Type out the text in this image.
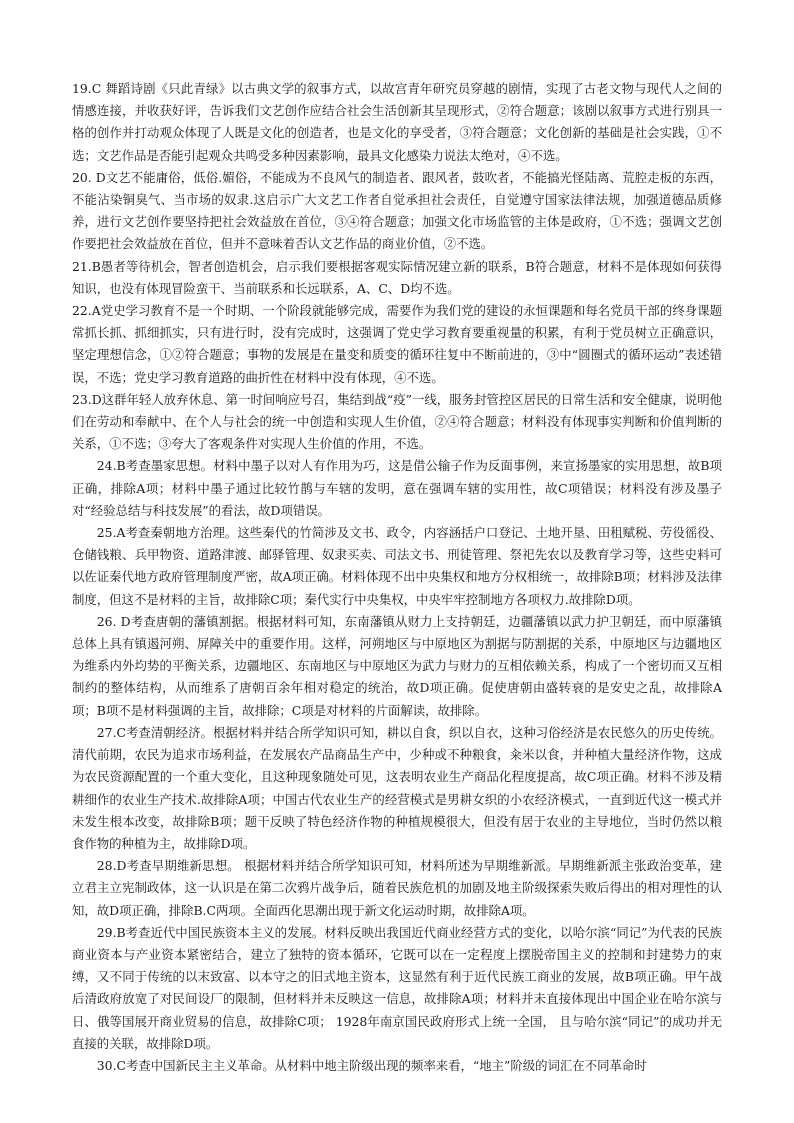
19.C 舞蹈诗剧《只此青绿》以古典文学的叙事方式，以故宫青年研究员穿越的剧情，实现了古老文物与现代人之间的情感连接，并收获好评，告诉我们文艺创作应结合社会生活创新其呈现形式，②符合题意；该剧以叙事方式进行别具一格的创作并打动观众体现了人既是文化的创造者，也是文化的享受者，③符合题意；文化创新的基础是社会实践，①不选；文艺作品是否能引起观众共鸣受多种因素影响，最具文化感染力说法太绝对，④不选。

20. D文艺不能庸俗，低俗.媚俗，不能成为不良风气的制造者、跟风者，鼓吹者，不能搞光怪陆离、荒腔走板的东西，不能沾染铜臭气、当市场的奴隶.这启示广大文艺工作者自觉承担社会责任，自觉遵守国家法律法规，加强道德品质修养，进行文艺创作要坚持把社会效益放在首位，③④符合题意；加强文化市场监管的主体是政府，①不选；强调文艺创作要把社会效益放在首位，但并不意味着否认文艺作品的商业价值，②不选。

21.B愚者等待机会，智者创造机会，启示我们要根据客观实际情况建立新的联系，B符合题意，材料不是体现如何获得知识，也没有体现冒险蛮干、当前联系和长远联系，A、C、D均不选。

22.A党史学习教育不是一个时期、一个阶段就能够完成，需要作为我们党的建设的永恒课题和每名党员干部的终身课题常抓长抓、抓细抓实，只有进行时，没有完成时，这强调了党史学习教育要重视量的积累，有利于党员树立正确意识，坚定理想信念，①②符合题意；事物的发展是在量变和质变的循环往复中不断前进的，③中“圆圈式的循环运动”表述错误，不选；党史学习教育道路的曲折性在材料中没有体现，④不选。

23.D这群年轻人放弃休息、第一时间响应号召，集结到战“疫”一线，服务封管控区居民的日常生活和安全健康，说明他们在劳动和奉献中、在个人与社会的统一中创造和实现人生价值，②④符合题意；材料没有体现事实判断和价值判断的关系，①不选；③夸大了客观条件对实现人生价值的作用，不选。

24.B考查墨家思想。材料中墨子以对人有作用为巧，这是借公输子作为反面事例，来宣扬墨家的实用思想，故B项正确，排除A项；材料中墨子通过比较竹鹊与车辖的发明，意在强调车辖的实用性，故C项错误；材料没有涉及墨子对“经验总结与科技发展”的看法，故D项错误。

25.A考查秦朝地方治理。这些秦代的竹简涉及文书、政令，内容涵括户口登记、土地开垦、田租赋税、劳役徭役、仓储钱粮、兵甲物资、道路津渡、邮驿管理、奴隶买卖、司法文书、刑徒管理、祭祀先农以及教育学习等，这些史料可以佐证秦代地方政府管理制度严密，故A项正确。材料体现不出中央集权和地方分权相统一，故排除B项；材料涉及法律制度，但这不是材料的主旨，故排除C项；秦代实行中央集权，中央牢牢控制地方各项权力.故排除D项。

26. D考查唐朝的藩镇割据。根据材料可知，东南藩镇从财力上支持朝廷，边疆藩镇以武力护卫朝廷，而中原藩镇总体上具有镇遏河朔、屏障关中的重要作用。这样，河朔地区与中原地区为割据与防割据的关系，中原地区与边疆地区为维系内外均势的平衡关系，边疆地区、东南地区与中原地区为武力与财力的互相依赖关系，构成了一个密切而又互相制约的整体结构，从而维系了唐朝百余年相对稳定的统治，故D项正确。促使唐朝由盛转衰的是安史之乱，故排除A项；B项不是材料强调的主旨，故排除；C项是对材料的片面解读，故排除。

27.C考查清朝经济。根据材料并结合所学知识可知，耕以自食，织以自衣，这种习俗经济是农民悠久的历史传统。清代前期，农民为追求市场利益，在发展农产品商品生产中，少种或不种粮食，籴米以食，并种植大量经济作物，这成为农民资源配置的一个重大变化，且这种现象随处可见，这表明农业生产商品化程度提高，故C项正确。材料不涉及精耕细作的农业生产技术.故排除A项；中国古代农业生产的经营模式是男耕女织的小农经济模式，一直到近代这一模式并未发生根本改变，故排除B项；题干反映了特色经济作物的种植规模很大，但没有居于农业的主导地位，当时仍然以粮食作物的种植为主，故排除D项。

28.D考查早期维新思想。 根据材料并结合所学知识可知，材料所述为早期维新派。早期维新派主张政治变革，建立君主立宪制政体，这一认识是在第二次鸦片战争后，随着民族危机的加剧及地主阶级探索失败后得出的相对理性的认知，故D项正确，排除B.C两项。全面西化思潮出现于新文化运动时期，故排除A项。

29.B考查近代中国民族资本主义的发展。材料反映出我国近代商业经营方式的变化，以哈尔滨“同记”为代表的民族商业资本与产业资本紧密结合，建立了独特的资本循环，它既可以在一定程度上摆脱帝国主义的控制和封建势力的束缚，又不同于传统的以末致富、以本守之的旧式地主资本，这显然有利于近代民族工商业的发展，故B项正确。甲午战后清政府放宽了对民间设厂的限制，但材料并未反映这一信息，故排除A项；材料并未直接体现出中国企业在哈尔滨与日、俄等国展开商业贸易的信息，故排除C项； 1928年南京国民政府形式上统一全国， 且与哈尔滨“同记”的成功并无直接的关联，故排除D项。

30.C考查中国新民主主义革命。从材料中地主阶级出现的频率来看，“地主”阶级的词汇在不同革命时
